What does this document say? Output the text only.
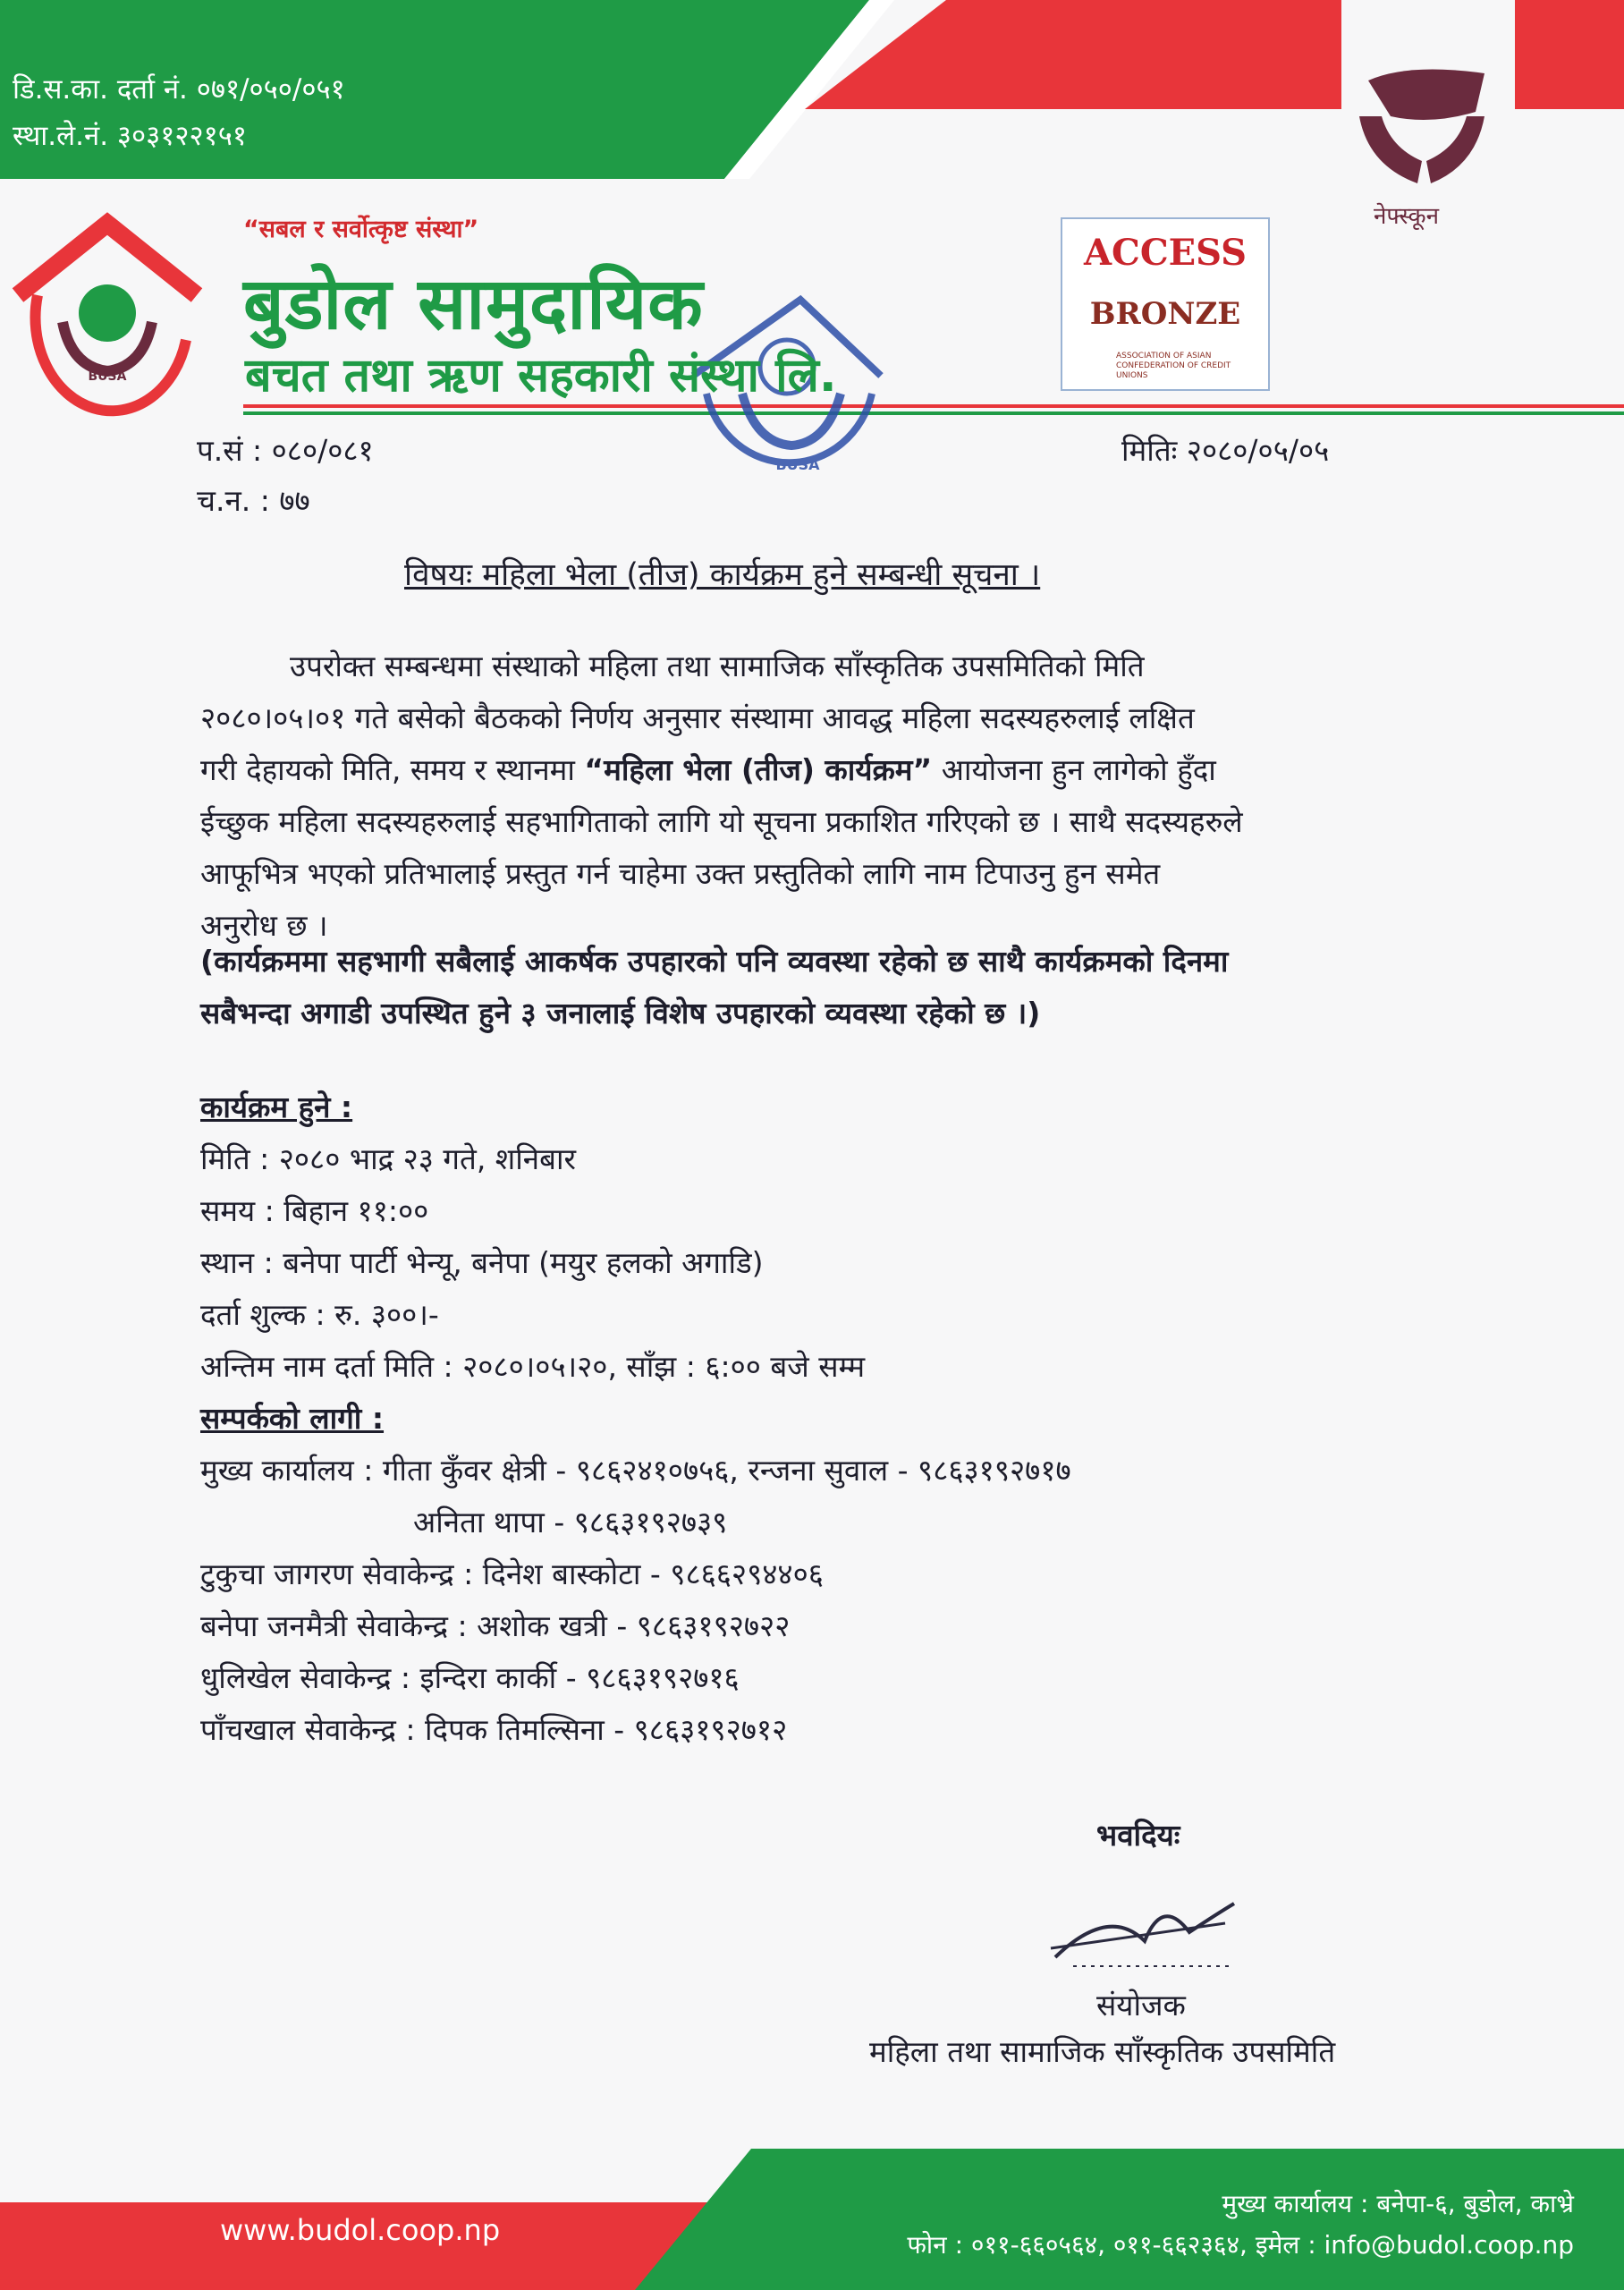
BUSA
BUSA
डि.स.का. दर्ता नं. ०७१/०५०/०५१
स्था.ले.नं. ३०३१२२१५१
“सबल र सर्वोत्कृष्ट संस्था”
बुडोल सामुदायिक
बचत तथा ऋण सहकारी संस्था लि.
नेफ्स्कून
ACCESS
BRONZE
ASSOCIATION OF ASIAN CONFEDERATION OF CREDIT UNIONS
प.सं : ०८०/०८१
च.न. : ७७
मितिः २०८०/०५/०५
विषयः महिला भेला (तीज) कार्यक्रम हुने सम्बन्धी सूचना ।
उपरोक्त सम्बन्धमा संस्थाको महिला तथा सामाजिक साँस्कृतिक उपसमितिको मिति
२०८०।०५।०१ गते बसेको बैठकको निर्णय अनुसार संस्थामा आवद्ध महिला सदस्यहरुलाई लक्षित
गरी देहायको मिति, समय र स्थानमा “महिला भेला (तीज) कार्यक्रम” आयोजना हुन लागेको हुँदा
ईच्छुक महिला सदस्यहरुलाई सहभागिताको लागि यो सूचना प्रकाशित गरिएको छ । साथै सदस्यहरुले
आफूभित्र भएको प्रतिभालाई प्रस्तुत गर्न चाहेमा उक्त प्रस्तुतिको लागि नाम टिपाउनु हुन समेत
अनुरोध छ ।
(कार्यक्रममा सहभागी सबैलाई आकर्षक उपहारको पनि व्यवस्था रहेको छ साथै कार्यक्रमको दिनमा
सबैभन्दा अगाडी उपस्थित हुने ३ जनालाई विशेष उपहारको व्यवस्था रहेको छ ।)
कार्यक्रम हुने :
मिति : २०८० भाद्र २३ गते, शनिबार
समय : बिहान ११:००
स्थान : बनेपा पार्टी भेन्यू, बनेपा (मयुर हलको अगाडि)
दर्ता शुल्क : रु. ३००।-
अन्तिम नाम दर्ता मिति : २०८०।०५।२०, साँझ : ६:०० बजे सम्म
सम्पर्कको लागी :
मुख्य कार्यालय : गीता कुँवर क्षेत्री - ९८६२४१०७५६, रन्जना सुवाल - ९८६३१९२७१७
अनिता थापा - ९८६३१९२७३९
टुकुचा जागरण सेवाकेन्द्र : दिनेश बास्कोटा - ९८६६२९४४०६
बनेपा जनमैत्री सेवाकेन्द्र : अशोक खत्री - ९८६३१९२७२२
धुलिखेल सेवाकेन्द्र : इन्दिरा कार्की - ९८६३१९२७१६
पाँचखाल सेवाकेन्द्र : दिपक तिमल्सिना - ९८६३१९२७१२
भवदियः
संयोजक
महिला तथा सामाजिक साँस्कृतिक उपसमिति
www.budol.coop.np
मुख्य कार्यालय : बनेपा-६, बुडोल, काभ्रे
फोन : ०११-६६०५६४, ०११-६६२३६४, इमेल : info@budol.coop.np
